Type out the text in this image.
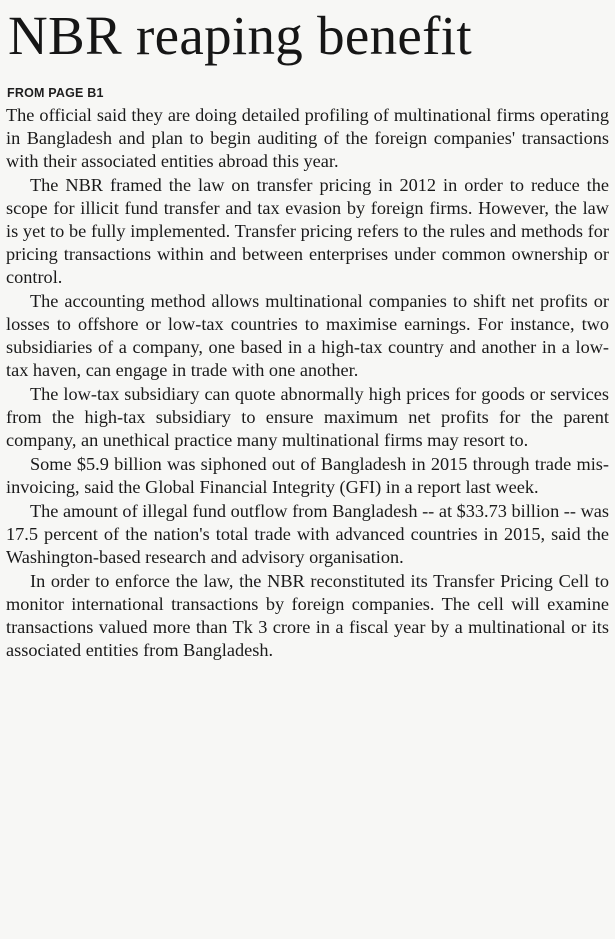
NBR reaping benefit
FROM PAGE B1

The official said they are doing detailed profiling of multinational firms operating in Bangladesh and plan to begin auditing of the foreign companies' transactions with their associated entities abroad this year.

The NBR framed the law on transfer pricing in 2012 in order to reduce the scope for illicit fund transfer and tax evasion by foreign firms. However, the law is yet to be fully implemented. Transfer pricing refers to the rules and methods for pricing transactions within and between enterprises under common ownership or control.

The accounting method allows multinational companies to shift net profits or losses to offshore or low-tax countries to maximise earnings. For instance, two subsidiaries of a company, one based in a high-tax country and another in a low-tax haven, can engage in trade with one another.

The low-tax subsidiary can quote abnormally high prices for goods or services from the high-tax subsidiary to ensure maximum net profits for the parent company, an unethical practice many multinational firms may resort to.

Some $5.9 billion was siphoned out of Bangladesh in 2015 through trade mis-invoicing, said the Global Financial Integrity (GFI) in a report last week.

The amount of illegal fund outflow from Bangladesh -- at $33.73 billion -- was 17.5 percent of the nation's total trade with advanced countries in 2015, said the Washington-based research and advisory organisation.

In order to enforce the law, the NBR reconstituted its Transfer Pricing Cell to monitor international transactions by foreign companies. The cell will examine transactions valued more than Tk 3 crore in a fiscal year by a multinational or its associated entities from Bangladesh.
